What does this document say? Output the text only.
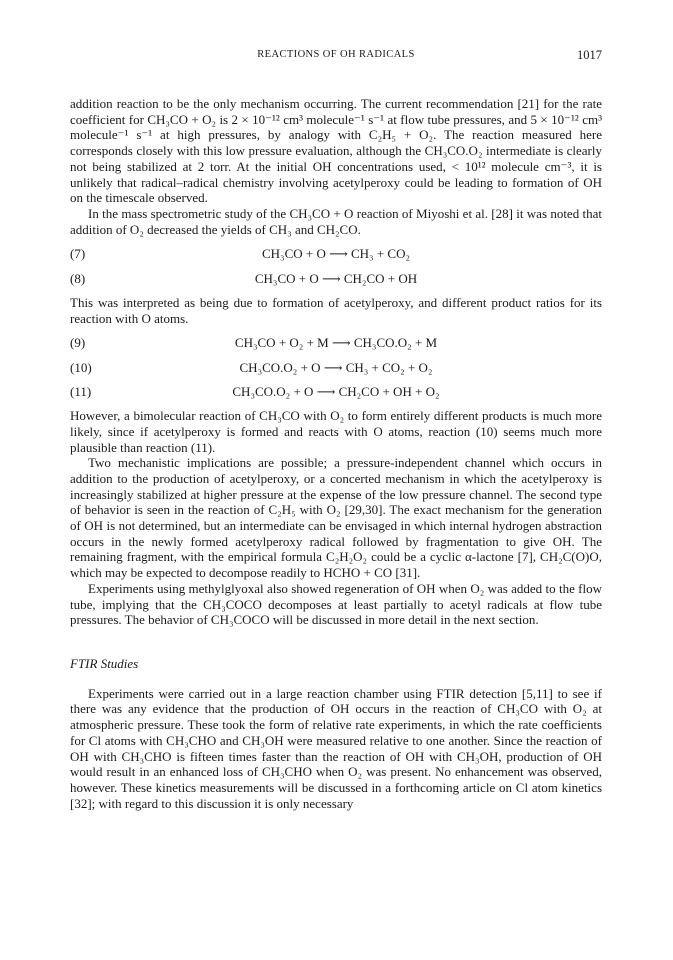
REACTIONS OF OH RADICALS	1017

addition reaction to be the only mechanism occurring. The current recommendation [21] for the rate coefficient for CH₃CO + O₂ is 2 × 10⁻¹² cm³ molecule⁻¹ s⁻¹ at flow tube pressures, and 5 × 10⁻¹² cm³ molecule⁻¹ s⁻¹ at high pressures, by analogy with C₂H₅ + O₂. The reaction measured here corresponds closely with this low pressure evaluation, although the CH₃CO.O₂ intermediate is clearly not being stabilized at 2 torr. At the initial OH concentrations used, < 10¹² molecule cm⁻³, it is unlikely that radical–radical chemistry involving acetylperoxy could be leading to formation of OH on the timescale observed.

In the mass spectrometric study of the CH₃CO + O reaction of Miyoshi et al. [28] it was noted that addition of O₂ decreased the yields of CH₃ and CH₂CO.

(7)	CH₃CO + O ⟶ CH₃ + CO₂
(8)	CH₃CO + O ⟶ CH₂CO + OH

This was interpreted as being due to formation of acetylperoxy, and different product ratios for its reaction with O atoms.

(9)	CH₃CO + O₂ + M ⟶ CH₃CO.O₂ + M
(10)	CH₃CO.O₂ + O ⟶ CH₃ + CO₂ + O₂
(11)	CH₃CO.O₂ + O ⟶ CH₂CO + OH + O₂

However, a bimolecular reaction of CH₃CO with O₂ to form entirely different products is much more likely, since if acetylperoxy is formed and reacts with O atoms, reaction (10) seems much more plausible than reaction (11).

Two mechanistic implications are possible; a pressure-independent channel which occurs in addition to the production of acetylperoxy, or a concerted mechanism in which the acetylperoxy is increasingly stabilized at higher pressure at the expense of the low pressure channel. The second type of behavior is seen in the reaction of C₂H₅ with O₂ [29,30]. The exact mechanism for the generation of OH is not determined, but an intermediate can be envisaged in which internal hydrogen abstraction occurs in the newly formed acetylperoxy radical followed by fragmentation to give OH. The remaining fragment, with the empirical formula C₂H₂O₂ could be a cyclic α-lactone [7], CH₂C(O)O, which may be expected to decompose readily to HCHO + CO [31].

Experiments using methylglyoxal also showed regeneration of OH when O₂ was added to the flow tube, implying that the CH₃COCO decomposes at least partially to acetyl radicals at flow tube pressures. The behavior of CH₃COCO will be discussed in more detail in the next section.

FTIR Studies

Experiments were carried out in a large reaction chamber using FTIR detection [5,11] to see if there was any evidence that the production of OH occurs in the reaction of CH₃CO with O₂ at atmospheric pressure. These took the form of relative rate experiments, in which the rate coefficients for Cl atoms with CH₃CHO and CH₃OH were measured relative to one another. Since the reaction of OH with CH₃CHO is fifteen times faster than the reaction of OH with CH₃OH, production of OH would result in an enhanced loss of CH₃CHO when O₂ was present. No enhancement was observed, however. These kinetics measurements will be discussed in a forthcoming article on Cl atom kinetics [32]; with regard to this discussion it is only necessary
